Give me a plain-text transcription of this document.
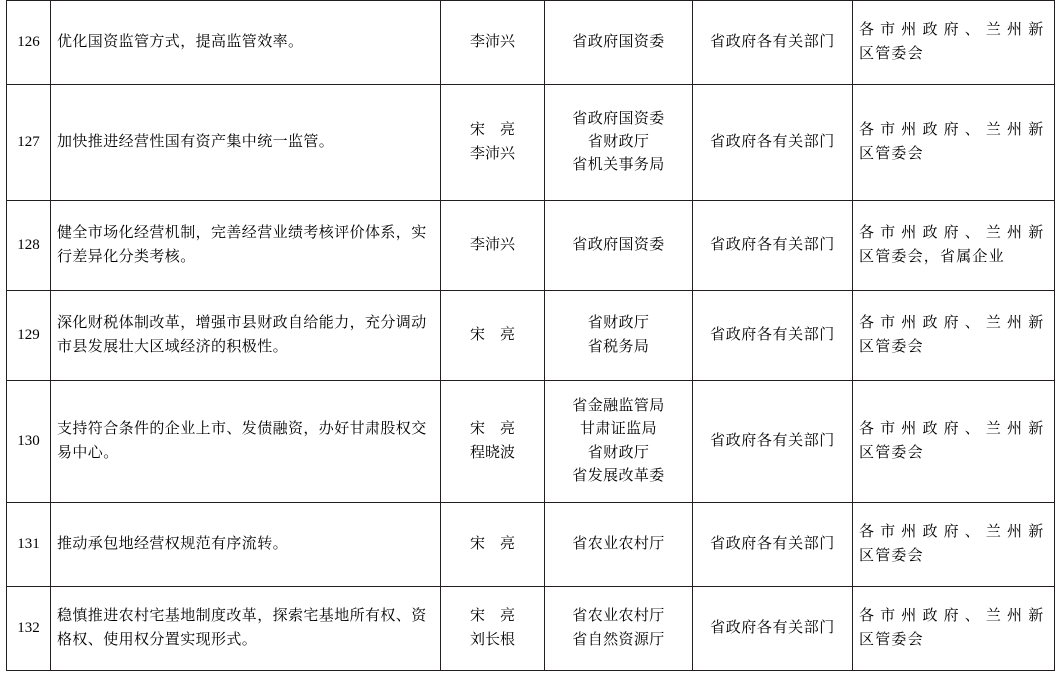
126	优化国资监管方式，提高监管效率。	李沛兴	省政府国资委	省政府各有关部门	各 市 州 政 府 、 兰 州 新
区管委会

127	加快推进经营性国有资产集中统一监管。	宋　亮
李沛兴	省政府国资委
省财政厅
省机关事务局	省政府各有关部门	各 市 州 政 府 、 兰 州 新
区管委会

128	健全市场化经营机制，完善经营业绩考核评价体系，实行差异化分类考核。	李沛兴	省政府国资委	省政府各有关部门	各 市 州 政 府 、 兰 州 新
区管委会，省属企业

129	深化财税体制改革，增强市县财政自给能力，充分调动市县发展壮大区域经济的积极性。	宋　亮	省财政厅
省税务局	省政府各有关部门	各 市 州 政 府 、 兰 州 新
区管委会

130	支持符合条件的企业上市、发债融资，办好甘肃股权交易中心。	宋　亮
程晓波	省金融监管局
甘肃证监局
省财政厅
省发展改革委	省政府各有关部门	各 市 州 政 府 、 兰 州 新
区管委会

131	推动承包地经营权规范有序流转。	宋　亮	省农业农村厅	省政府各有关部门	各 市 州 政 府 、 兰 州 新
区管委会

132	稳慎推进农村宅基地制度改革，探索宅基地所有权、资格权、使用权分置实现形式。	宋　亮
刘长根	省农业农村厅
省自然资源厅	省政府各有关部门	各 市 州 政 府 、 兰 州 新
区管委会
